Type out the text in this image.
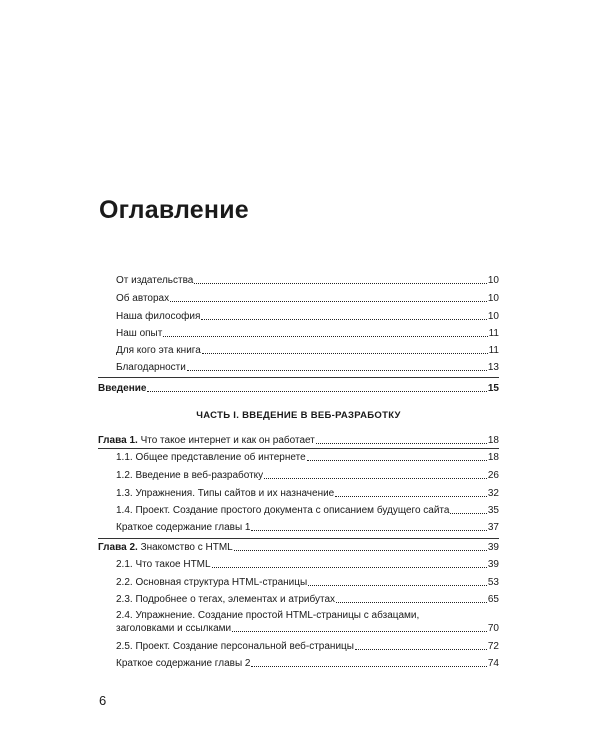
Оглавление
От издательства	10
Об авторах	10
Наша философия	10
Наш опыт	11
Для кого эта книга	11
Благодарности	13
Введение	15
ЧАСТЬ I. ВВЕДЕНИЕ В ВЕБ-РАЗРАБОТКУ
Глава 1. Что такое интернет и как он работает	18
1.1. Общее представление об интернете	18
1.2. Введение в веб-разработку	26
1.3. Упражнения. Типы сайтов и их назначение	32
1.4. Проект. Создание простого документа с описанием будущего сайта	35
Краткое содержание главы 1	37
Глава 2. Знакомство с HTML	39
2.1. Что такое HTML	39
2.2. Основная структура HTML-страницы	53
2.3. Подробнее о тегах, элементах и атрибутах	65
2.4. Упражнение. Создание простой HTML-страницы с абзацами,
заголовками и ссылками	70
2.5. Проект. Создание персональной веб-страницы	72
Краткое содержание главы 2	74
6
